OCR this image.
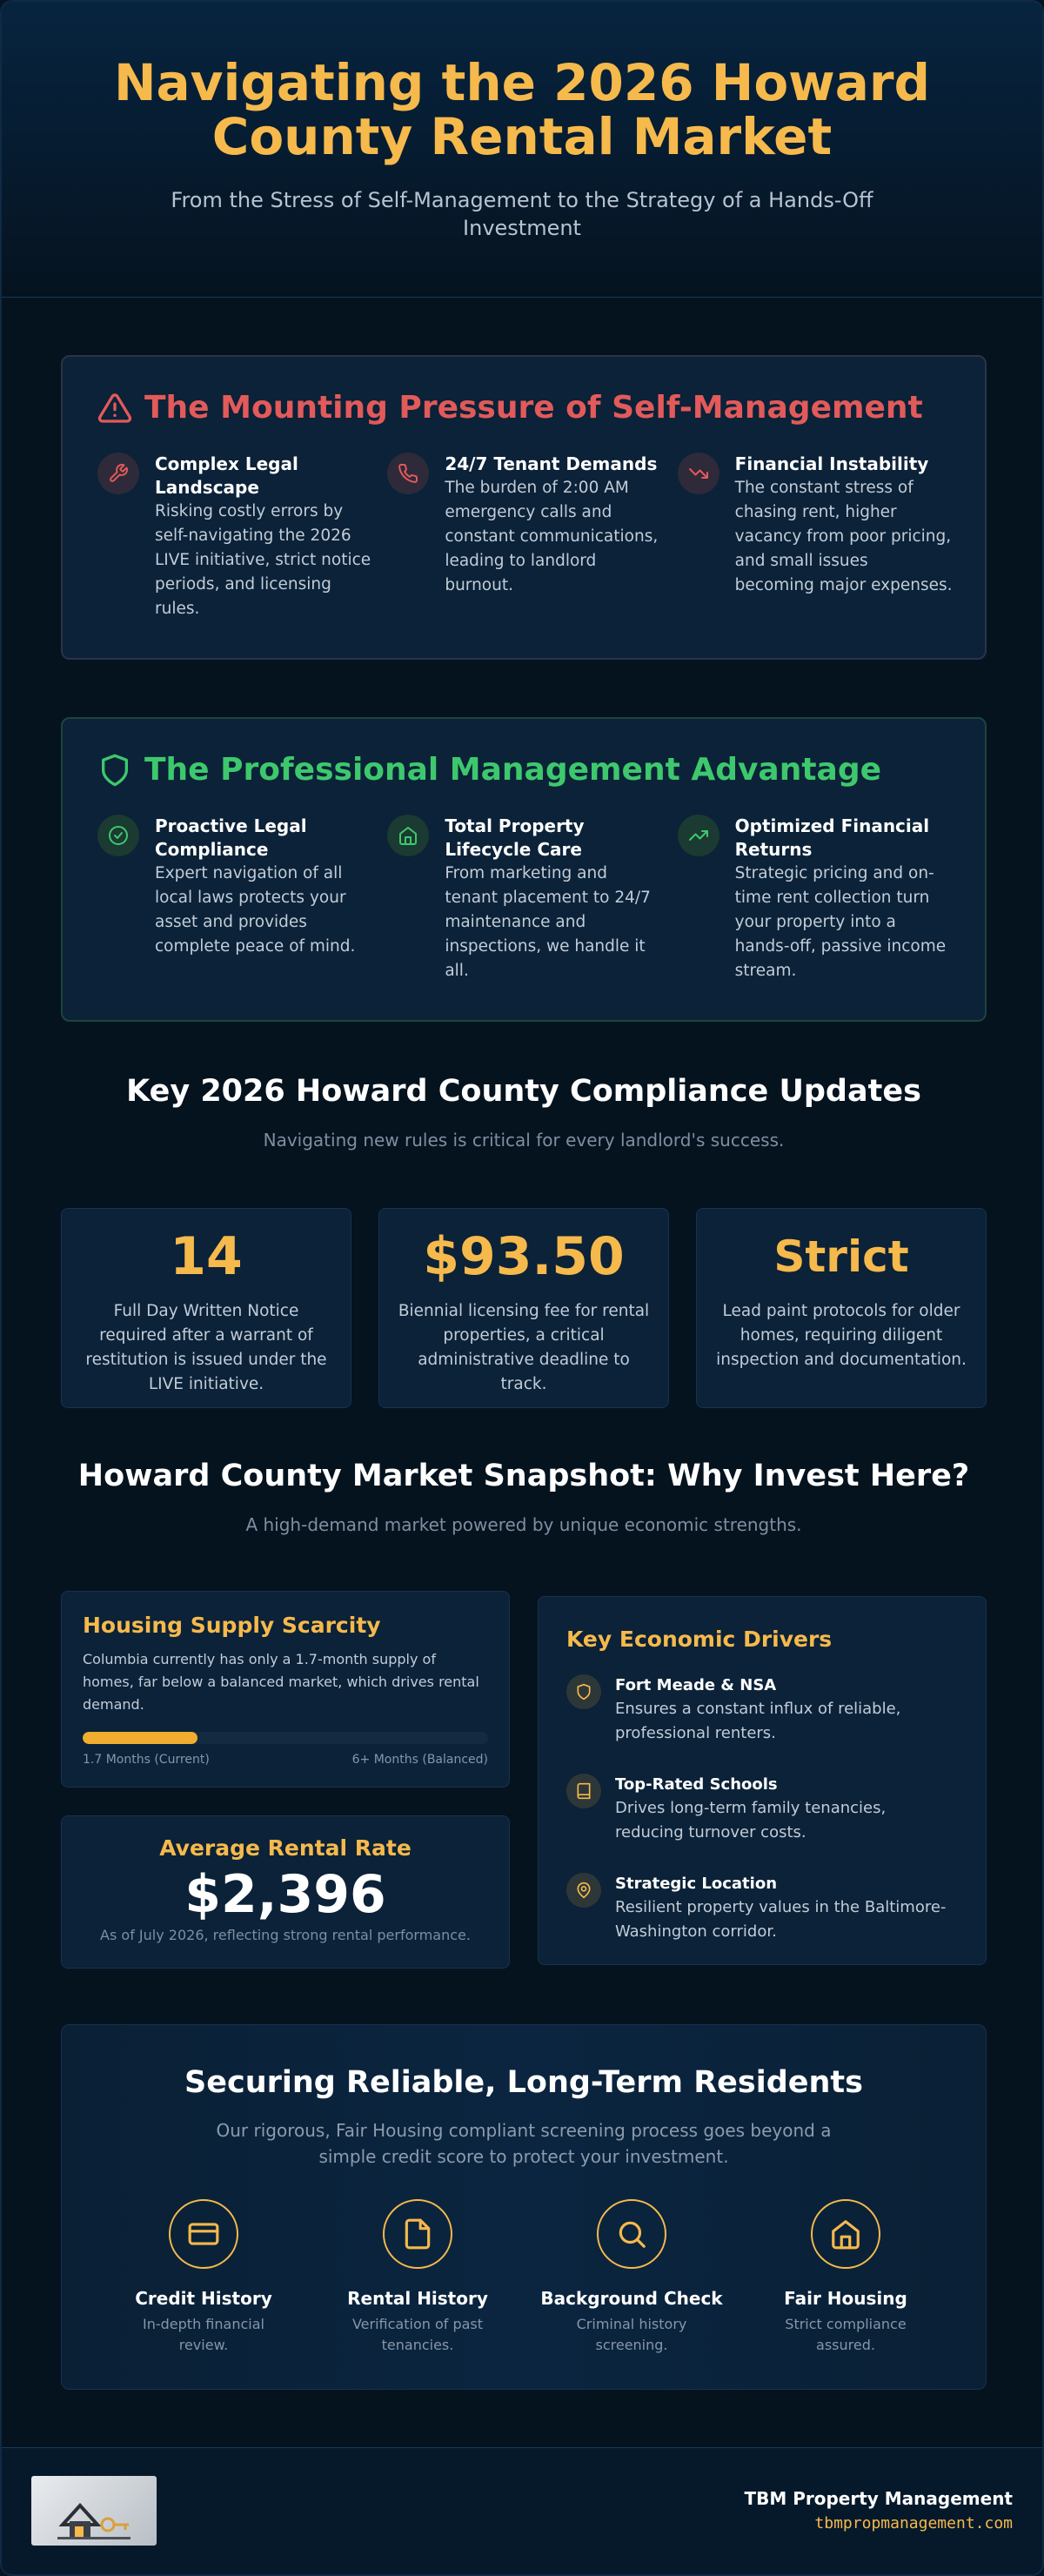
Navigating the 2026 Howard County Rental Market

From the Stress of Self-Management to the Strategy of a Hands-Off Investment

The Mounting Pressure of Self-Management
Complex Legal Landscape

Risking costly errors by self-navigating the 2026 LIVE initiative, strict notice periods, and licensing rules.

24/7 Tenant Demands

The burden of 2:00 AM emergency calls and constant communications, leading to landlord burnout.

Financial Instability

The constant stress of chasing rent, higher vacancy from poor pricing, and small issues becoming major expenses.

The Professional Management Advantage
Proactive Legal Compliance

Expert navigation of all local laws protects your asset and provides complete peace of mind.

Total Property Lifecycle Care

From marketing and tenant placement to 24/7 maintenance and inspections, we handle it all.

Optimized Financial Returns

Strategic pricing and on-time rent collection turn your property into a hands-off, passive income stream.

Key 2026 Howard County Compliance Updates

Navigating new rules is critical for every landlord's success.

14
Full Day Written Notice required after a warrant of restitution is issued under the LIVE initiative.
$93.50
Biennial licensing fee for rental properties, a critical administrative deadline to track.
Strict
Lead paint protocols for older homes, requiring diligent inspection and documentation.
Howard County Market Snapshot: Why Invest Here?

A high-demand market powered by unique economic strengths.

Housing Supply Scarcity

Columbia currently has only a 1.7-month supply of homes, far below a balanced market, which drives rental demand.

1.7 Months (Current)	6+ Months (Balanced)
Average Rental Rate
$2,396
As of July 2026, reflecting strong rental performance.
Key Economic Drivers
Fort Meade & NSA

Ensures a constant influx of reliable, professional renters.

Top-Rated Schools

Drives long-term family tenancies, reducing turnover costs.

Strategic Location

Resilient property values in the Baltimore-Washington corridor.

Securing Reliable, Long-Term Residents

Our rigorous, Fair Housing compliant screening process goes beyond a simple credit score to protect your investment.

Credit History

In-depth financial review.

Rental History

Verification of past tenancies.

Background Check

Criminal history screening.

Fair Housing

Strict compliance assured.

TBM Property Management
tbmpropmanagement.com
